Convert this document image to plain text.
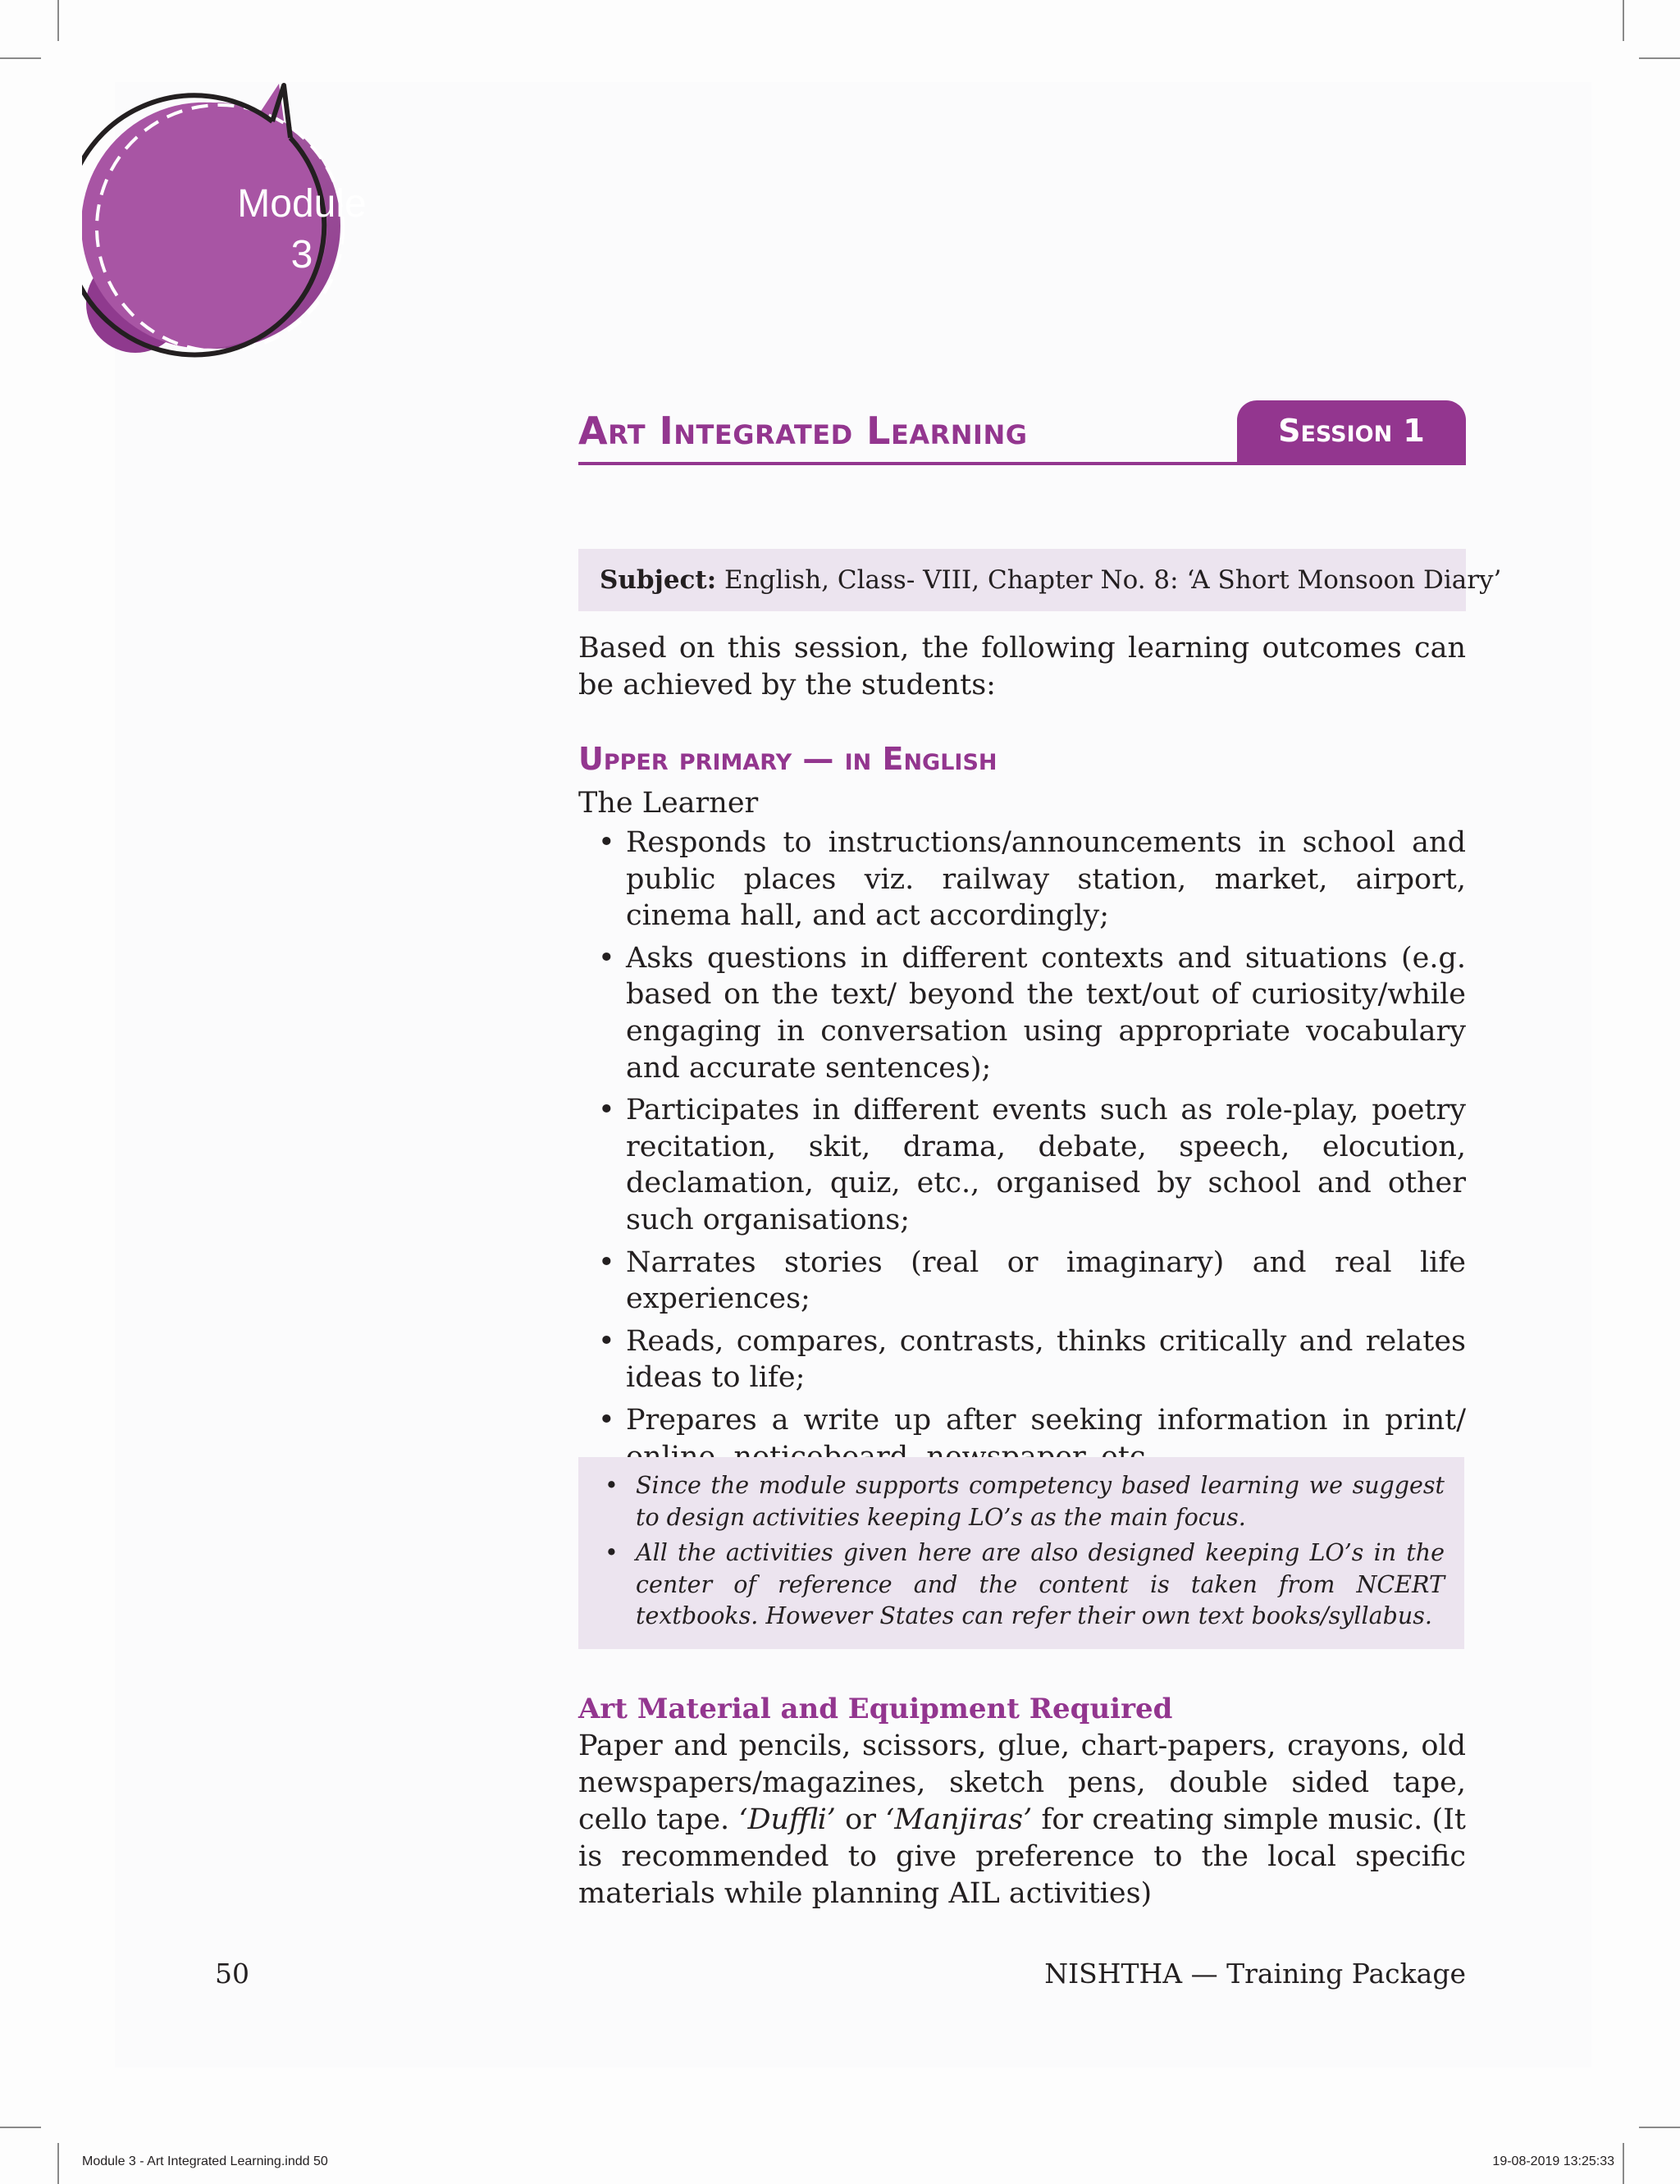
Module
3
Art Integrated Learning	Session 1
Subject: English, Class- VIII, Chapter No. 8: ‘A Short Monsoon Diary’
Based on this session, the following learning outcomes can be achieved by the students:
Upper primary — in English
The Learner
• Responds to instructions/announcements in school and public places viz. railway station, market, airport, cinema hall, and act accordingly;
• Asks questions in different contexts and situations (e.g. based on the text/ beyond the text/out of curiosity/while engaging in conversation using appropriate vocabulary and accurate sentences);
• Participates in different events such as role-play, poetry recitation, skit, drama, debate, speech, elocution, declamation, quiz, etc., organised by school and other such organisations;
• Narrates stories (real or imaginary) and real life experiences;
• Reads, compares, contrasts, thinks critically and relates ideas to life;
• Prepares a write up after seeking information in print/
• Since the module supports competency based learning we suggest to design activities keeping LO’s as the main focus.
• All the activities given here are also designed keeping LO’s in the center of reference and the content is taken from NCERT textbooks. However States can refer their own text books/syllabus.
Art Material and Equipment Required
Paper and pencils, scissors, glue, chart-papers, crayons, old newspapers/magazines, sketch pens, double sided tape, cello tape. ‘Duffli’ or ‘Manjiras’ for creating simple music. (It is recommended to give preference to the local specific materials while planning AIL activities)
50	NISHTHA — Training Package
Module 3 - Art Integrated Learning.indd 50	19-08-2019 13:25:33
